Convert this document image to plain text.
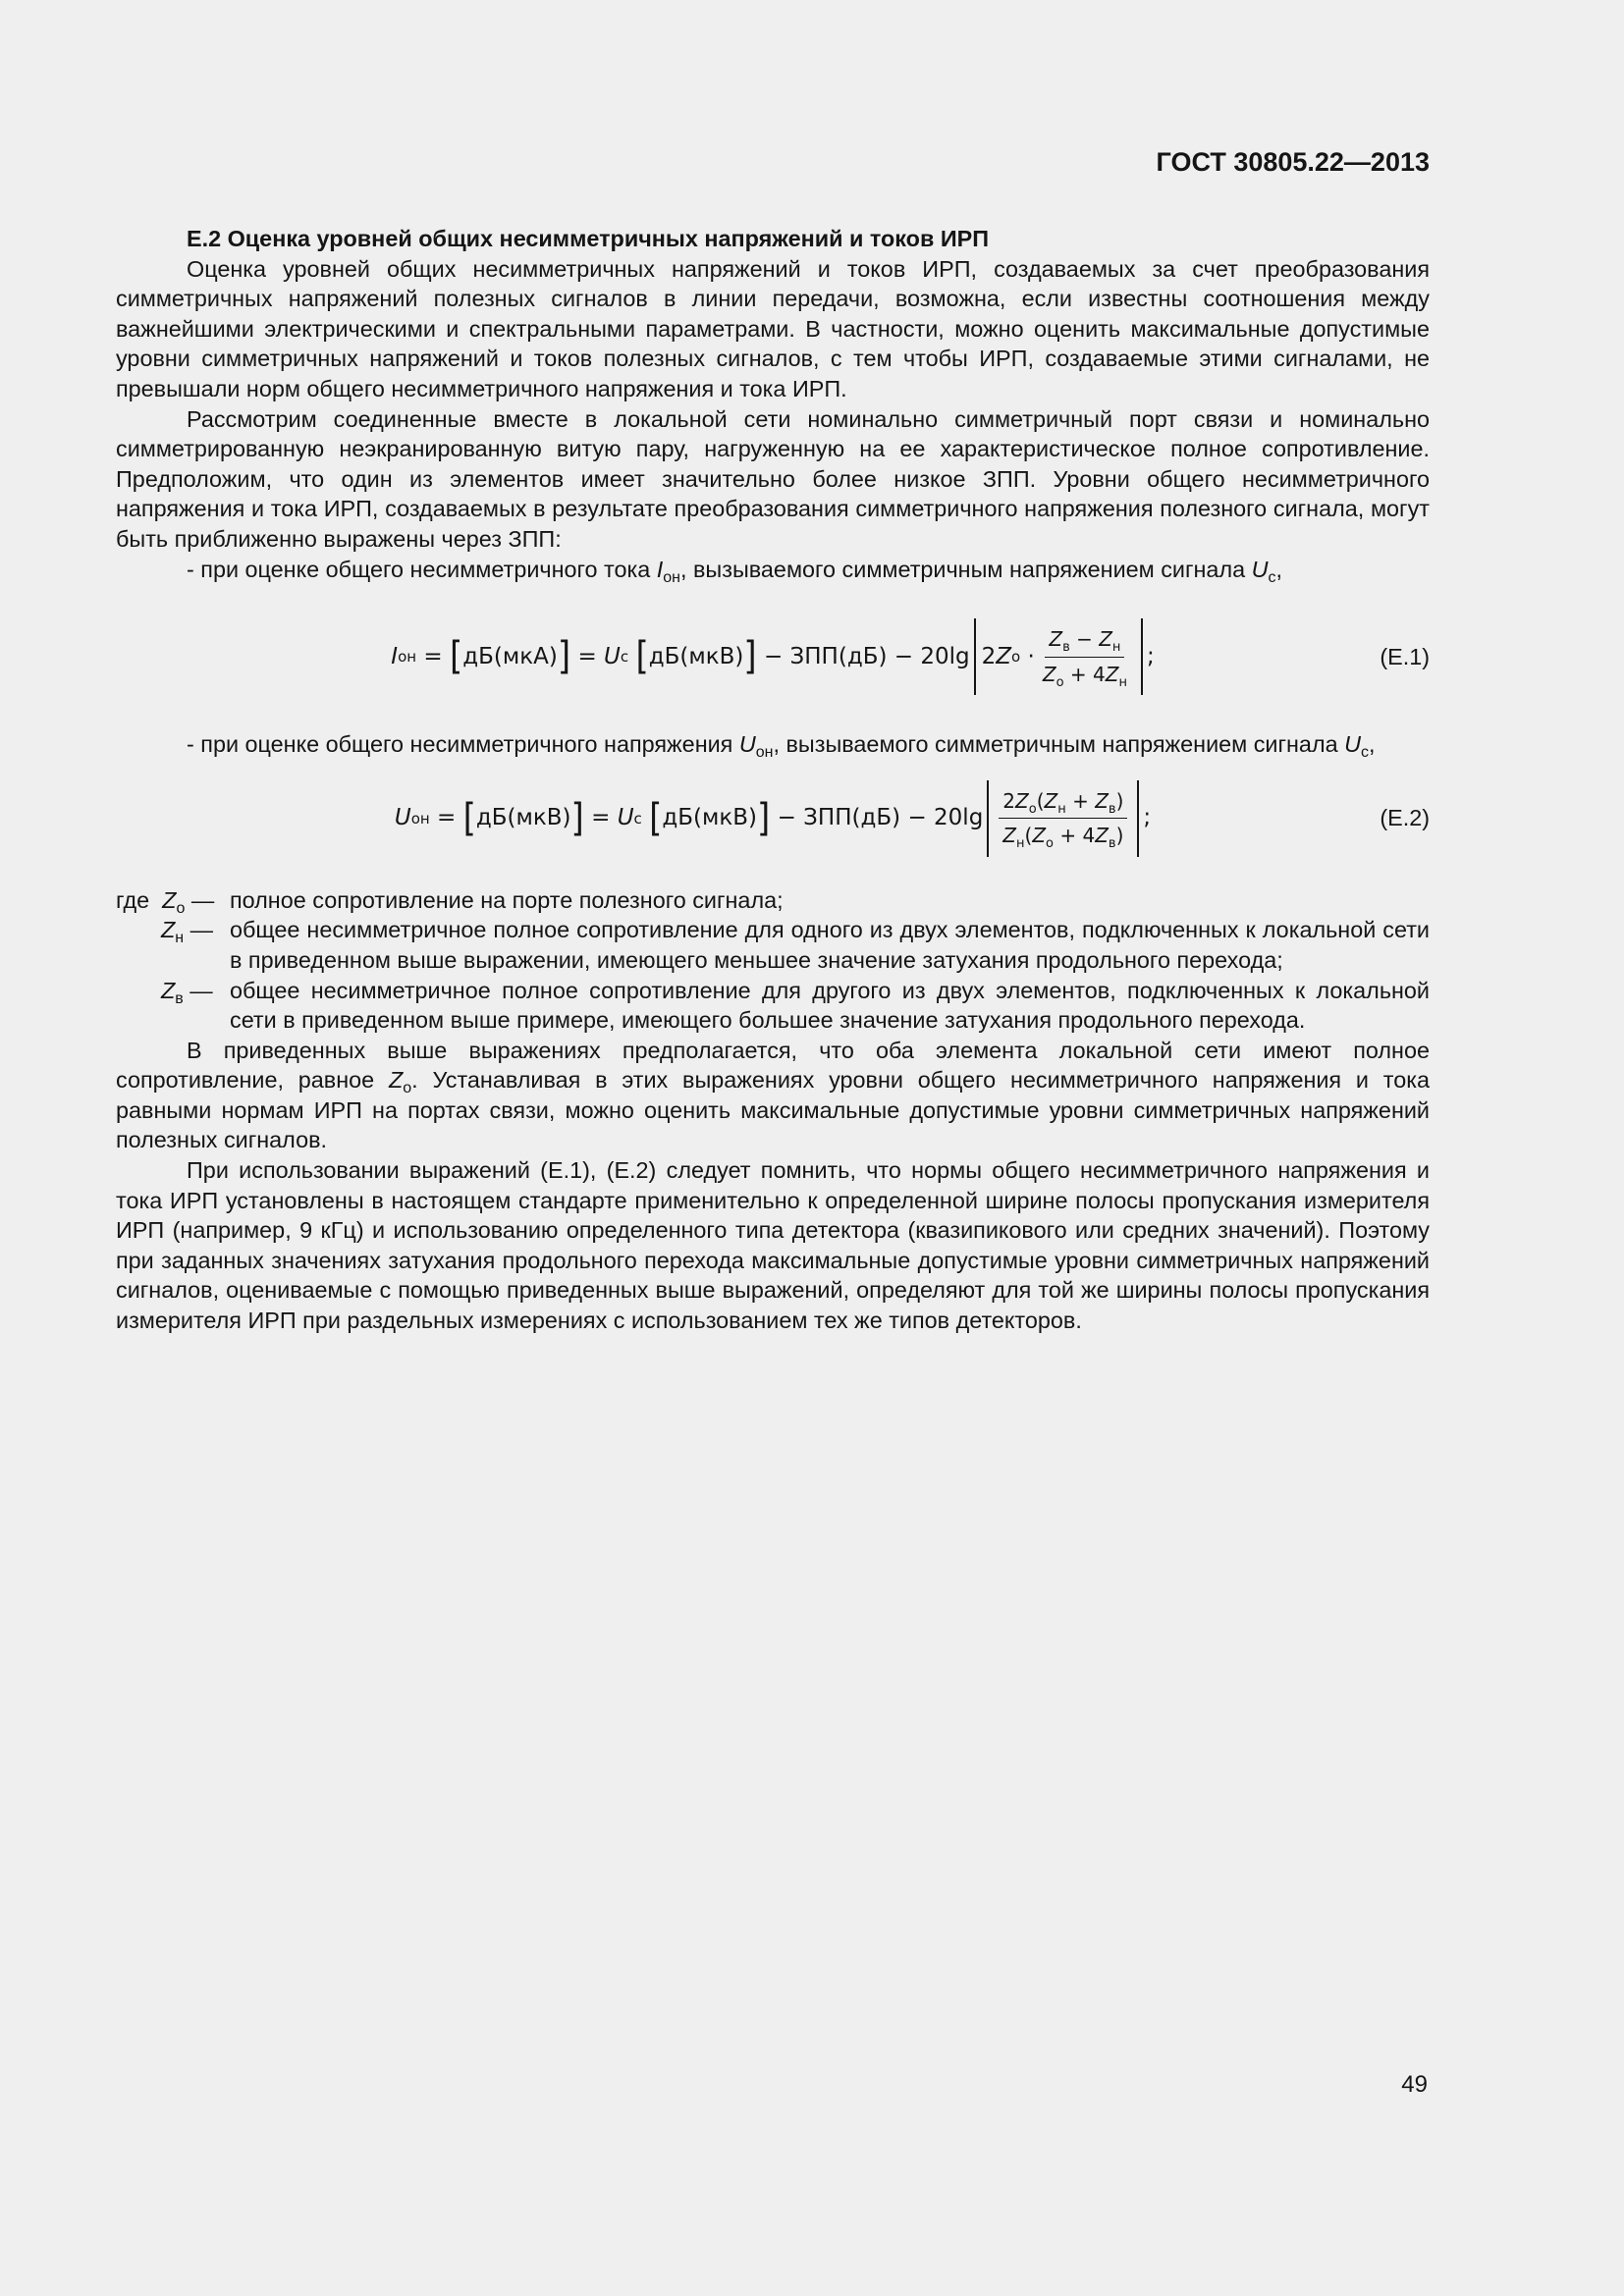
ГОСТ 30805.22—2013

Е.2 Оценка уровней общих несимметричных напряжений и токов ИРП

Оценка уровней общих несимметричных напряжений и токов ИРП, создаваемых за счет преобразования симметричных напряжений полезных сигналов в линии передачи, возможна, если известны соотношения между важнейшими электрическими и спектральными параметрами. В частности, можно оценить максимальные допустимые уровни симметричных напряжений и токов полезных сигналов, с тем чтобы ИРП, создаваемые этими сигналами, не превышали норм общего несимметричного напряжения и тока ИРП.

Рассмотрим соединенные вместе в локальной сети номинально симметричный порт связи и номинально симметрированную неэкранированную витую пару, нагруженную на ее характеристическое полное сопротивление. Предположим, что один из элементов имеет значительно более низкое ЗПП. Уровни общего несимметричного напряжения и тока ИРП, создаваемых в результате преобразования симметричного напряжения полезного сигнала, могут быть приближенно выражены через ЗПП:

- при оценке общего несимметричного тока $I_{он}$, вызываемого симметричным напряжением сигнала $U_с$,

I он
=
[ дБ(мкА) ]
=
U с
[ дБ(мкВ) ]
− ЗПП(дБ) − 20lg 2 Z о
· $\frac{Z_в - Z_н}{Z_о + 4Z_н}$ ;	(Е.1)

- при оценке общего несимметричного напряжения $U_{он}$, вызываемого симметричным напряжением сигнала $U_с$,

U он
=
[ дБ(мкВ) ]
=
U с
[ дБ(мкВ) ]
− $ЗПП(дБ) - 20\lg \frac{2Z_о(Z_н + Z_в)}{Z_н(Z_о + 4Z_в)}$ ;	(Е.2)
где $Z_о$ — полное сопротивление на порте полезного сигнала;
$Z_н$ — общее несимметричное полное сопротивление для одного из двух элементов, подключенных к локальной сети в приведенном выше выражении, имеющего меньшее значение затухания продольного перехода;
$Z_в$ — общее несимметричное полное сопротивление для другого из двух элементов, подключенных к локальной сети в приведенном выше примере, имеющего большее значение затухания продольного перехода.

В приведенных выше выражениях предполагается, что оба элемента локальной сети имеют полное сопротивление, равное $Z_о$. Устанавливая в этих выражениях уровни общего несимметричного напряжения и тока равными нормам ИРП на портах связи, можно оценить максимальные допустимые уровни симметричных напряжений полезных сигналов.

При использовании выражений (Е.1), (Е.2) следует помнить, что нормы общего несимметричного напряжения и тока ИРП установлены в настоящем стандарте применительно к определенной ширине полосы пропускания измерителя ИРП (например, 9 кГц) и использованию определенного типа детектора (квазипикового или средних значений). Поэтому при заданных значениях затухания продольного перехода максимальные допустимые уровни симметричных напряжений сигналов, оцениваемые с помощью приведенных выше выражений, определяют для той же ширины полосы пропускания измерителя ИРП при раздельных измерениях с использованием тех же типов детекторов.

49
